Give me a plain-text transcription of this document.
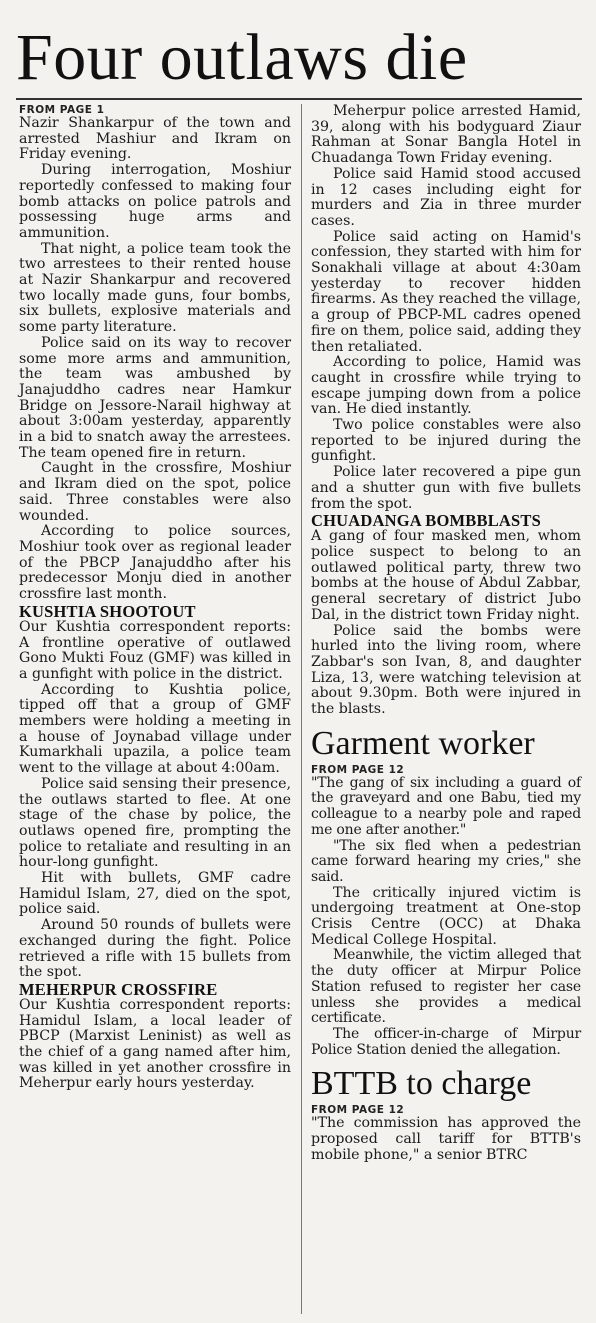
Four outlaws die
FROM PAGE 1

Nazir Shankarpur of the town and arrested Mashiur and Ikram on Friday evening.

During interrogation, Moshiur reportedly confessed to making four bomb attacks on police patrols and possessing huge arms and ammunition.

That night, a police team took the two arrestees to their rented house at Nazir Shankarpur and recovered two locally made guns, four bombs, six bullets, explosive materials and some party literature.

Police said on its way to recover some more arms and ammunition, the team was ambushed by Janajuddho cadres near Hamkur Bridge on Jessore-Narail highway at about 3:00am yesterday, apparently in a bid to snatch away the arrestees. The team opened fire in return.

Caught in the crossfire, Moshiur and Ikram died on the spot, police said. Three constables were also wounded.

According to police sources, Moshiur took over as regional leader of the PBCP Janajuddho after his predecessor Monju died in another crossfire last month.

KUSHTIA SHOOTOUT

Our Kushtia correspondent reports: A frontline operative of outlawed Gono Mukti Fouz (GMF) was killed in a gunfight with police in the district.

According to Kushtia police, tipped off that a group of GMF members were holding a meeting in a house of Joynabad village under Kumarkhali upazila, a police team went to the village at about 4:00am.

Police said sensing their presence, the outlaws started to flee. At one stage of the chase by police, the outlaws opened fire, prompting the police to retaliate and resulting in an hour-long gunfight.

Hit with bullets, GMF cadre Hamidul Islam, 27, died on the spot, police said.

Around 50 rounds of bullets were exchanged during the fight. Police retrieved a rifle with 15 bullets from the spot.

MEHERPUR CROSSFIRE

Our Kushtia correspondent reports: Hamidul Islam, a local leader of PBCP (Marxist Leninist) as well as the chief of a gang named after him, was killed in yet another crossfire in Meherpur early hours yesterday.

Meherpur police arrested Hamid, 39, along with his bodyguard Ziaur Rahman at Sonar Bangla Hotel in Chuadanga Town Friday evening.

Police said Hamid stood accused in 12 cases including eight for murders and Zia in three murder cases.

Police said acting on Hamid's confession, they started with him for Sonakhali village at about 4:30am yesterday to recover hidden firearms. As they reached the village, a group of PBCP-ML cadres opened fire on them, police said, adding they then retaliated.

According to police, Hamid was caught in crossfire while trying to escape jumping down from a police van. He died instantly.

Two police constables were also reported to be injured during the gunfight.

Police later recovered a pipe gun and a shutter gun with five bullets from the spot.

CHUADANGA BOMBBLASTS

A gang of four masked men, whom police suspect to belong to an outlawed political party, threw two bombs at the house of Abdul Zabbar, general secretary of district Jubo Dal, in the district town Friday night.

Police said the bombs were hurled into the living room, where Zabbar's son Ivan, 8, and daughter Liza, 13, were watching television at about 9.30pm. Both were injured in the blasts.

Garment worker
FROM PAGE 12

"The gang of six including a guard of the graveyard and one Babu, tied my colleague to a nearby pole and raped me one after another."

"The six fled when a pedestrian came forward hearing my cries," she said.

The critically injured victim is undergoing treatment at One-stop Crisis Centre (OCC) at Dhaka Medical College Hospital.

Meanwhile, the victim alleged that the duty officer at Mirpur Police Station refused to register her case unless she provides a medical certificate.

The officer-in-charge of Mirpur Police Station denied the allegation.

BTTB to charge
FROM PAGE 12

"The commission has approved the proposed call tariff for BTTB's mobile phone," a senior BTRC
